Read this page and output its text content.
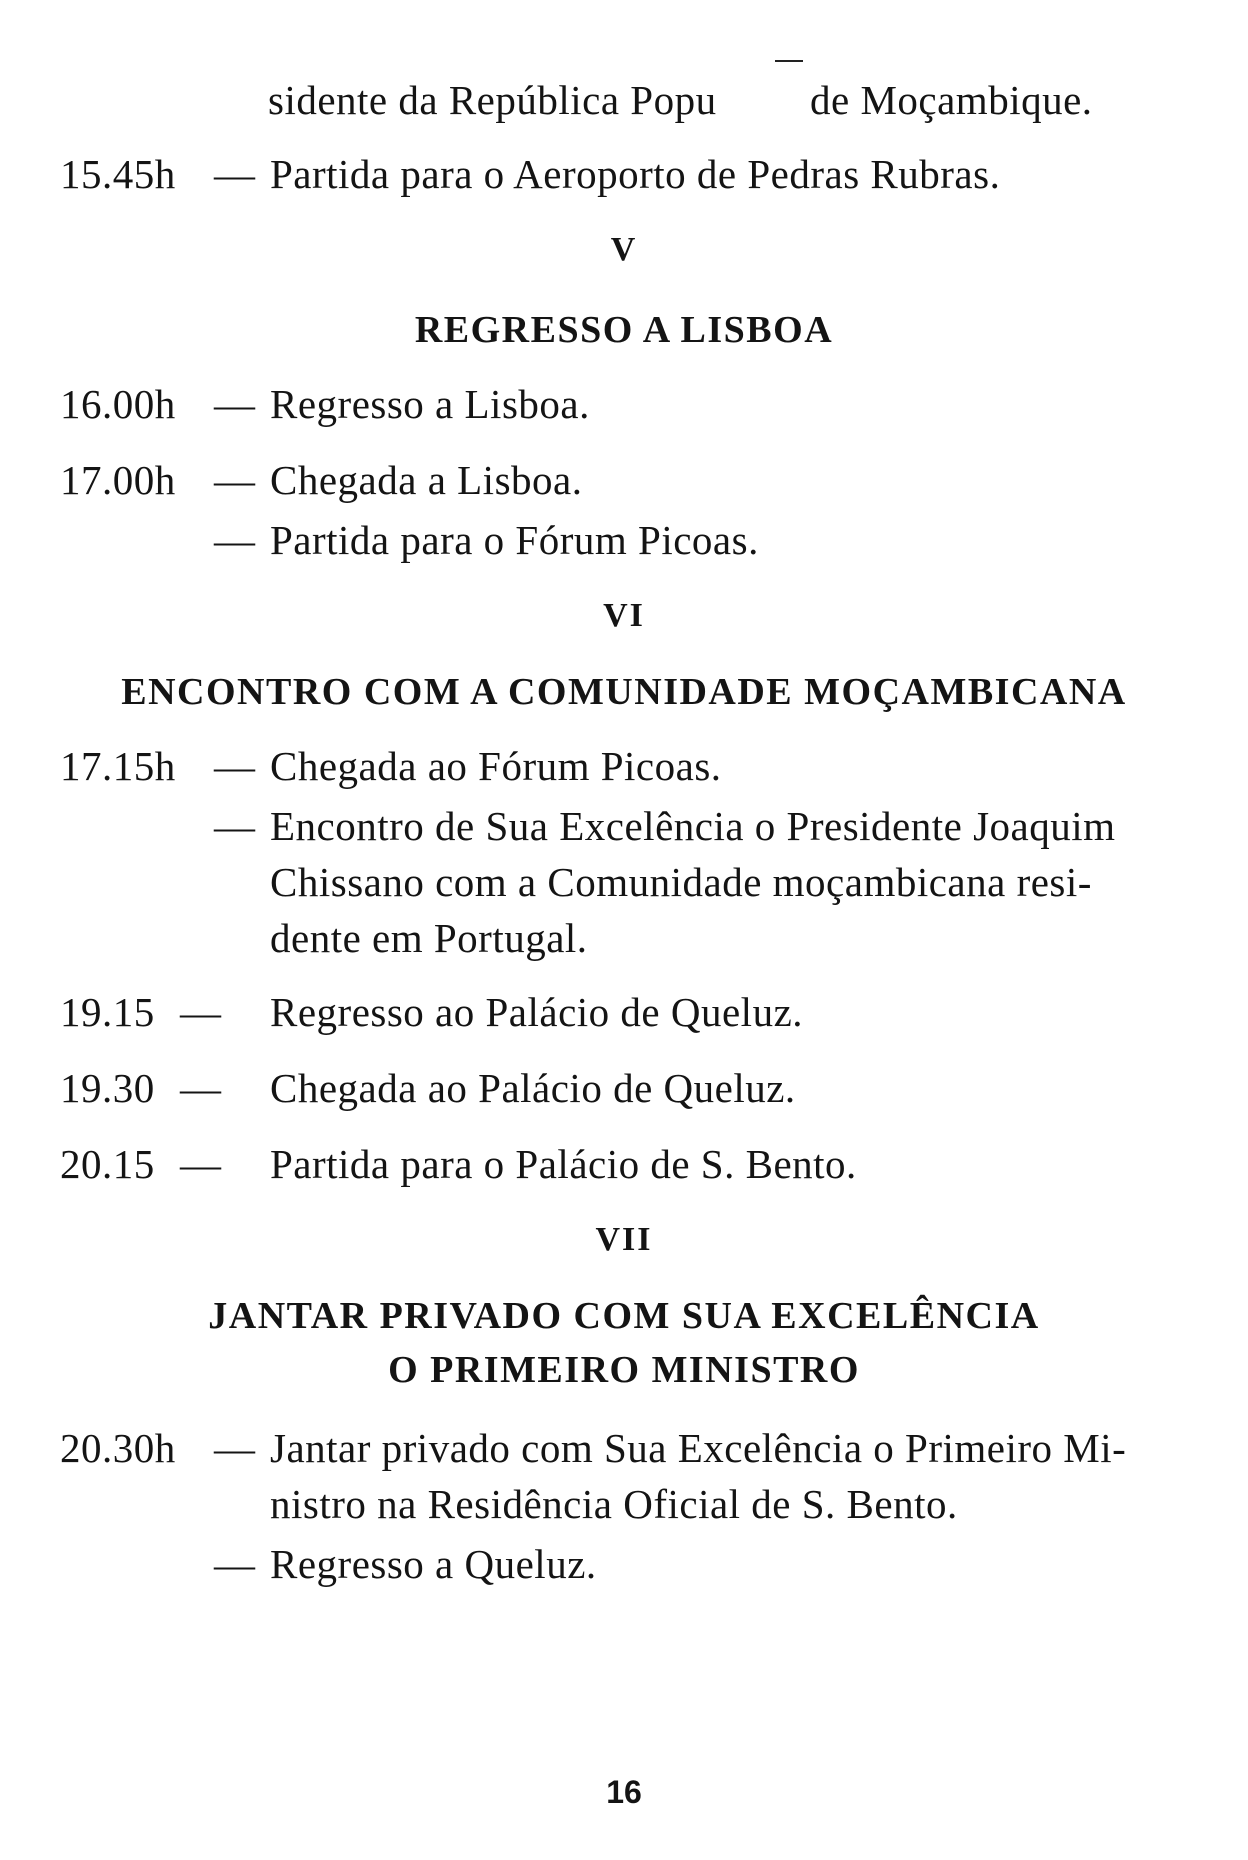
sidente da República Popu de Moçambique.
15.45h — Partida para o Aeroporto de Pedras Rubras.
V
REGRESSO A LISBOA
16.00h — Regresso a Lisboa.
17.00h — Chegada a Lisboa.
— Partida para o Fórum Picoas.
VI
ENCONTRO COM A COMUNIDADE MOÇAMBICANA
17.15h — Chegada ao Fórum Picoas.
— Encontro de Sua Excelência o Presidente Joaquim
Chissano com a Comunidade moçambicana resi-
dente em Portugal.
19.15 — Regresso ao Palácio de Queluz.
19.30 — Chegada ao Palácio de Queluz.
20.15 — Partida para o Palácio de S. Bento.
VII
JANTAR PRIVADO COM SUA EXCELÊNCIA
O PRIMEIRO MINISTRO
20.30h — Jantar privado com Sua Excelência o Primeiro Mi-
nistro na Residência Oficial de S. Bento.
— Regresso a Queluz.
16
